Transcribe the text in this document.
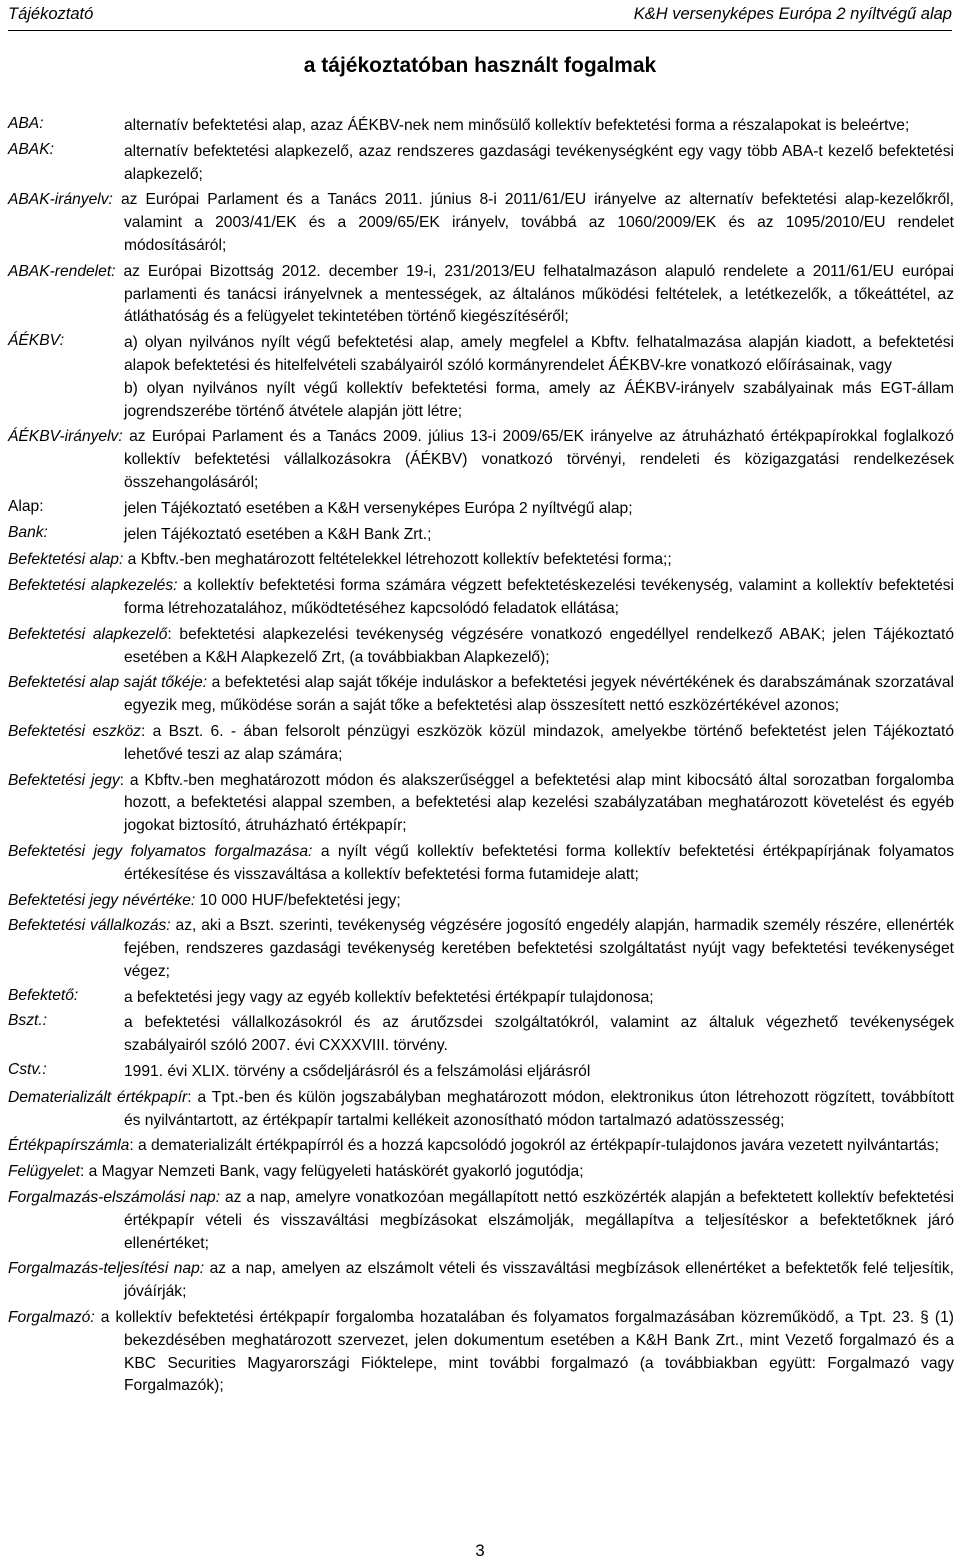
Tájékoztató	K&H versenyképes Európa 2 nyíltvégű alap
a tájékoztatóban használt fogalmak
ABA:	alternatív befektetési alap, azaz ÁÉKBV-nek nem minősülő kollektív befektetési forma a részalapokat is beleértve;

ABAK:	alternatív befektetési alapkezelő, azaz rendszeres gazdasági tevékenységként egy vagy több ABA-t kezelő befektetési alapkezelő;

ABAK-irányelv: az Európai Parlament és a Tanács 2011. június 8-i 2011/61/EU irányelve az alternatív befektetési alap-kezelőkről, valamint a 2003/41/EK és a 2009/65/EK irányelv, továbbá az 1060/2009/EK és az 1095/2010/EU rendelet módosításáról;

ABAK-rendelet: az Európai Bizottság 2012. december 19-i, 231/2013/EU felhatalmazáson alapuló rendelete a 2011/61/EU európai parlamenti és tanácsi irányelvnek a mentességek, az általános működési feltételek, a letétkezelők, a tőkeáttétel, az átláthatóság és a felügyelet tekintetében történő kiegészítéséről;

ÁÉKBV:	a) olyan nyilvános nyílt végű befektetési alap, amely megfelel a Kbftv. felhatalmazása alapján kiadott, a befektetési alapok befektetési és hitelfelvételi szabályairól szóló kormányrendelet ÁÉKBV-kre vonatkozó előírásainak, vagy

b) olyan nyilvános nyílt végű kollektív befektetési forma, amely az ÁÉKBV-irányelv szabályainak más EGT-állam jogrendszerébe történő átvétele alapján jött létre;

ÁÉKBV-irányelv: az Európai Parlament és a Tanács 2009. július 13-i 2009/65/EK irányelve az átruházható értékpapírokkal foglalkozó kollektív befektetési vállalkozásokra (ÁÉKBV) vonatkozó törvényi, rendeleti és közigazgatási rendelkezések összehangolásáról;

Alap:	jelen Tájékoztató esetében a K&H versenyképes Európa 2 nyíltvégű alap;

Bank:	jelen Tájékoztató esetében a K&H Bank Zrt.;

Befektetési alap: a Kbftv.-ben meghatározott feltételekkel létrehozott kollektív befektetési forma;;

Befektetési alapkezelés: a kollektív befektetési forma számára végzett befektetéskezelési tevékenység, valamint a kollektív befektetési forma létrehozatalához, működtetéséhez kapcsolódó feladatok ellátása;

Befektetési alapkezelő: befektetési alapkezelési tevékenység végzésére vonatkozó engedéllyel rendelkező ABAK; jelen Tájékoztató esetében a K&H Alapkezelő Zrt, (a továbbiakban Alapkezelő);

Befektetési alap saját tőkéje: a befektetési alap saját tőkéje induláskor a befektetési jegyek névértékének és darabszámának szorzatával egyezik meg, működése során a saját tőke a befektetési alap összesített nettó eszközértékével azonos;

Befektetési eszköz: a Bszt. 6. - ában felsorolt pénzügyi eszközök közül mindazok, amelyekbe történő befektetést jelen Tájékoztató lehetővé teszi az alap számára;

Befektetési jegy: a Kbftv.-ben meghatározott módon és alakszerűséggel a befektetési alap mint kibocsátó által sorozatban forgalomba hozott, a befektetési alappal szemben, a befektetési alap kezelési szabályzatában meghatározott követelést és egyéb jogokat biztosító, átruházható értékpapír;

Befektetési jegy folyamatos forgalmazása: a nyílt végű kollektív befektetési forma kollektív befektetési értékpapírjának folyamatos értékesítése és visszaváltása a kollektív befektetési forma futamideje alatt;

Befektetési jegy névértéke: 10 000 HUF/befektetési jegy;

Befektetési vállalkozás: az, aki a Bszt. szerinti, tevékenység végzésére jogosító engedély alapján, harmadik személy részére, ellenérték fejében, rendszeres gazdasági tevékenység keretében befektetési szolgáltatást nyújt vagy befektetési tevékenységet végez;

Befektető:	a befektetési jegy vagy az egyéb kollektív befektetési értékpapír tulajdonosa;

Bszt.:	a befektetési vállalkozásokról és az árutőzsdei szolgáltatókról, valamint az általuk végezhető tevékenységek szabályairól szóló 2007. évi CXXXVIII. törvény.

Cstv.:	1991. évi XLIX. törvény a csődeljárásról és a felszámolási eljárásról

Dematerializált értékpapír: a Tpt.-ben és külön jogszabályban meghatározott módon, elektronikus úton létrehozott rögzített, továbbított és nyilvántartott, az értékpapír tartalmi kellékeit azonosítható módon tartalmazó adatösszesség;

Értékpapírszámla: a dematerializált értékpapírról és a hozzá kapcsolódó jogokról az értékpapír-tulajdonos javára vezetett nyilvántartás;

Felügyelet: a Magyar Nemzeti Bank, vagy felügyeleti hatáskörét gyakorló jogutódja;

Forgalmazás-elszámolási nap: az a nap, amelyre vonatkozóan megállapított nettó eszközérték alapján a befektetett kollektív befektetési értékpapír vételi és visszaváltási megbízásokat elszámolják, megállapítva a teljesítéskor a befektetőknek járó ellenértéket;

Forgalmazás-teljesítési nap: az a nap, amelyen az elszámolt vételi és visszaváltási megbízások ellenértéket a befektetők felé teljesítik, jóváírják;

Forgalmazó: a kollektív befektetési értékpapír forgalomba hozatalában és folyamatos forgalmazásában közreműködő, a Tpt. 23. § (1) bekezdésében meghatározott szervezet, jelen dokumentum esetében a K&H Bank Zrt., mint Vezető forgalmazó és a KBC Securities Magyarországi Fióktelepe, mint további forgalmazó (a továbbiakban együtt: Forgalmazó vagy Forgalmazók);

3
